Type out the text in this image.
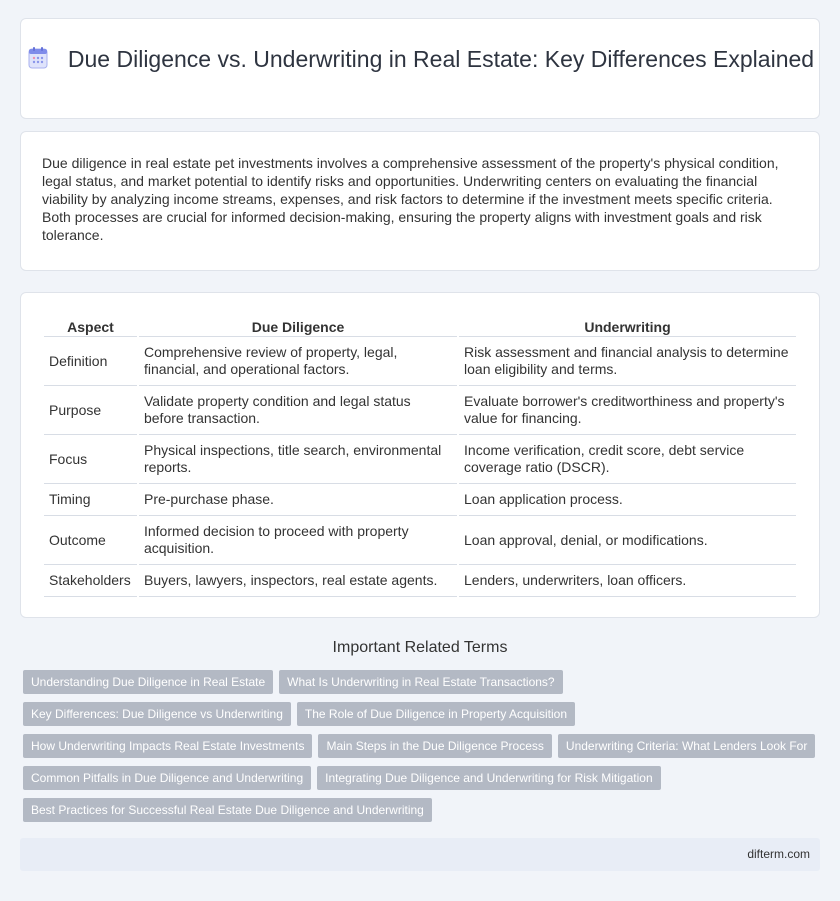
Due Diligence vs. Underwriting in Real Estate: Key Differences Explained

Due diligence in real estate pet investments involves a comprehensive assessment of the property's physical condition, legal status, and market potential to identify risks and opportunities. Underwriting centers on evaluating the financial viability by analyzing income streams, expenses, and risk factors to determine if the investment meets specific criteria. Both processes are crucial for informed decision-making, ensuring the property aligns with investment goals and risk tolerance.

Aspect	Due Diligence	Underwriting
Definition	Comprehensive review of property, legal, financial, and operational factors.	Risk assessment and financial analysis to determine loan eligibility and terms.
Purpose	Validate property condition and legal status before transaction.	Evaluate borrower's creditworthiness and property's value for financing.
Focus	Physical inspections, title search, environmental reports.	Income verification, credit score, debt service coverage ratio (DSCR).
Timing	Pre-purchase phase.	Loan application process.
Outcome	Informed decision to proceed with property acquisition.	Loan approval, denial, or modifications.
Stakeholders	Buyers, lawyers, inspectors, real estate agents.	Lenders, underwriters, loan officers.
Important Related Terms
Understanding Due Diligence in Real Estate	What Is Underwriting in Real Estate Transactions?
Key Differences: Due Diligence vs Underwriting	The Role of Due Diligence in Property Acquisition
How Underwriting Impacts Real Estate Investments	Main Steps in the Due Diligence Process	Underwriting Criteria: What Lenders Look For
Common Pitfalls in Due Diligence and Underwriting	Integrating Due Diligence and Underwriting for Risk Mitigation
Best Practices for Successful Real Estate Due Diligence and Underwriting
difterm.com
